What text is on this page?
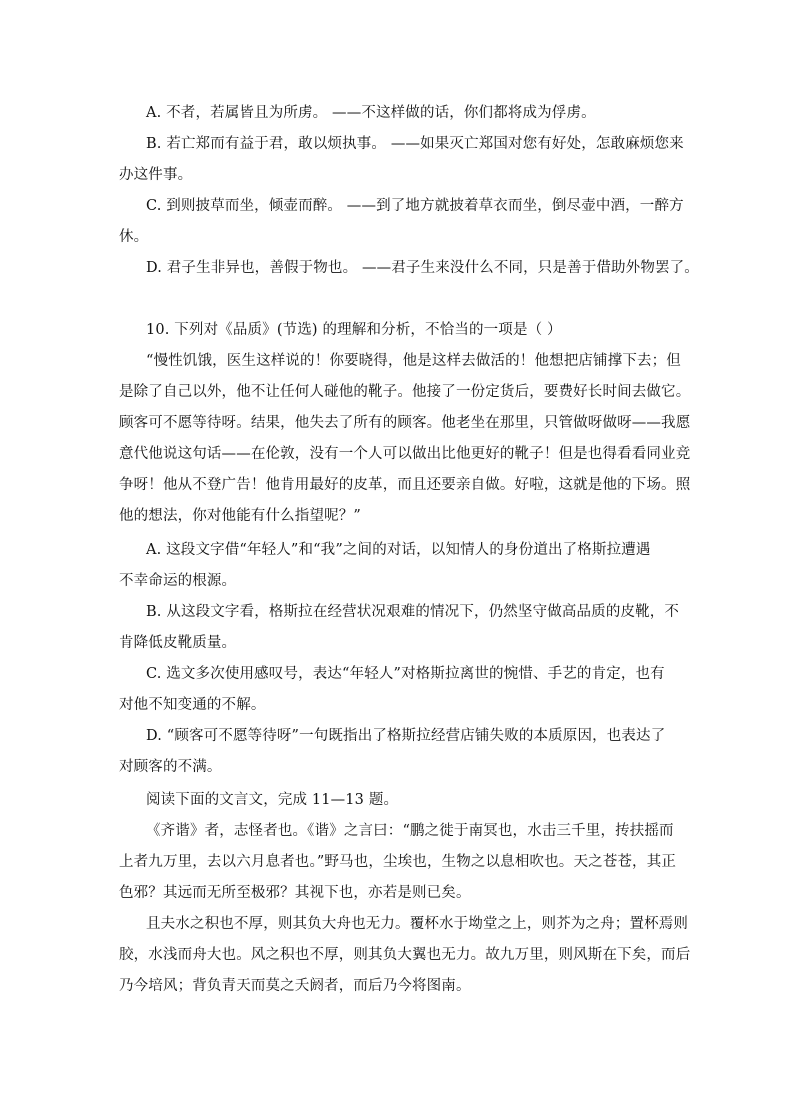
A. 不者，若属皆且为所虏。 ——不这样做的话，你们都将成为俘虏。
B. 若亡郑而有益于君，敢以烦执事。 ——如果灭亡郑国对您有好处，怎敢麻烦您来
办这件事。
C. 到则披草而坐，倾壶而醉。 ——到了地方就披着草衣而坐，倒尽壶中酒，一醉方
休。
D. 君子生非异也，善假于物也。 ——君子生来没什么不同，只是善于借助外物罢了。
10. 下列对《品质》(节选) 的理解和分析，不恰当的一项是（ ）
“慢性饥饿，医生这样说的！你要晓得，他是这样去做活的！他想把店铺撑下去；但
是除了自己以外，他不让任何人碰他的靴子。他接了一份定货后，要费好长时间去做它。
顾客可不愿等待呀。结果，他失去了所有的顾客。他老坐在那里，只管做呀做呀——我愿
意代他说这句话——在伦敦，没有一个人可以做出比他更好的靴子！但是也得看看同业竞
争呀！他从不登广告！他肯用最好的皮革，而且还要亲自做。好啦，这就是他的下场。照
他的想法，你对他能有什么指望呢？”
A. 这段文字借“年轻人”和“我”之间的对话，以知情人的身份道出了格斯拉遭遇
不幸命运的根源。
B. 从这段文字看，格斯拉在经营状况艰难的情况下，仍然坚守做高品质的皮靴，不
肯降低皮靴质量。
C. 选文多次使用感叹号，表达“年轻人”对格斯拉离世的惋惜、手艺的肯定，也有
对他不知变通的不解。
D. “顾客可不愿等待呀”一句既指出了格斯拉经营店铺失败的本质原因，也表达了
对顾客的不满。
阅读下面的文言文，完成 11—13 题。
《齐谐》者，志怪者也。《谐》之言曰：“鹏之徙于南冥也，水击三千里，抟扶摇而
上者九万里，去以六月息者也。”野马也，尘埃也，生物之以息相吹也。天之苍苍，其正
色邪？其远而无所至极邪？其视下也，亦若是则已矣。
且夫水之积也不厚，则其负大舟也无力。覆杯水于坳堂之上，则芥为之舟；置杯焉则
胶，水浅而舟大也。风之积也不厚，则其负大翼也无力。故九万里，则风斯在下矣，而后
乃今培风；背负青天而莫之夭阏者，而后乃今将图南。
